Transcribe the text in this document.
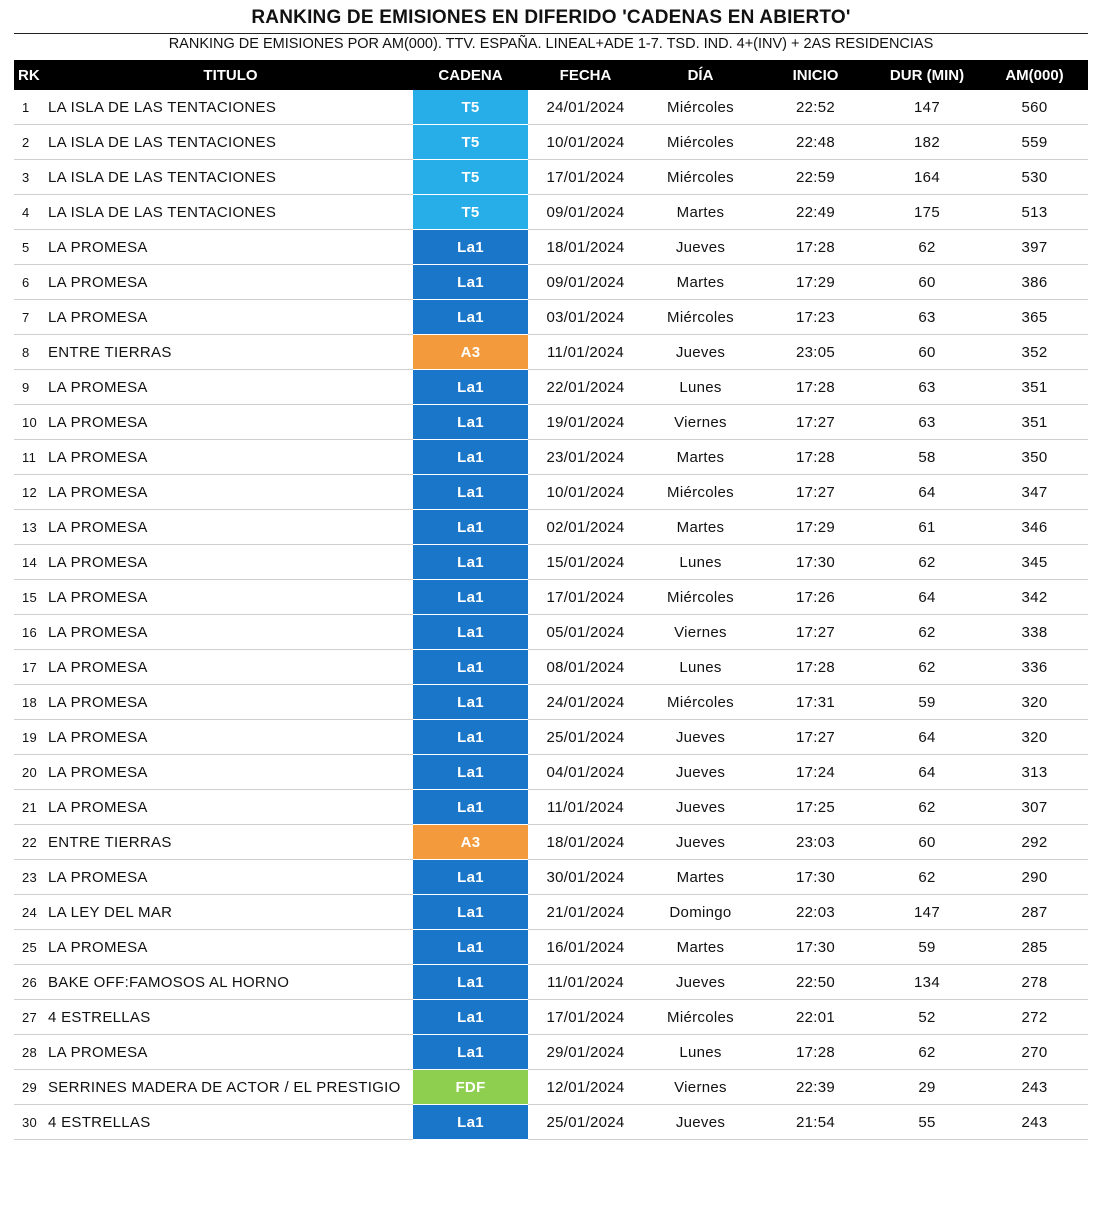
RANKING DE EMISIONES EN DIFERIDO 'CADENAS EN ABIERTO'
RANKING DE EMISIONES POR AM(000). TTV. ESPAÑA. LINEAL+ADE 1-7. TSD. IND. 4+(INV) + 2AS RESIDENCIAS
RK	TITULO	CADENA	FECHA	DÍA	INICIO	DUR (MIN)	AM(000)
1	LA ISLA DE LAS TENTACIONES	T5	24/01/2024	Miércoles	22:52	147	560
2	LA ISLA DE LAS TENTACIONES	T5	10/01/2024	Miércoles	22:48	182	559
3	LA ISLA DE LAS TENTACIONES	T5	17/01/2024	Miércoles	22:59	164	530
4	LA ISLA DE LAS TENTACIONES	T5	09/01/2024	Martes	22:49	175	513
5	LA PROMESA	La1	18/01/2024	Jueves	17:28	62	397
6	LA PROMESA	La1	09/01/2024	Martes	17:29	60	386
7	LA PROMESA	La1	03/01/2024	Miércoles	17:23	63	365
8	ENTRE TIERRAS	A3	11/01/2024	Jueves	23:05	60	352
9	LA PROMESA	La1	22/01/2024	Lunes	17:28	63	351
10	LA PROMESA	La1	19/01/2024	Viernes	17:27	63	351
11	LA PROMESA	La1	23/01/2024	Martes	17:28	58	350
12	LA PROMESA	La1	10/01/2024	Miércoles	17:27	64	347
13	LA PROMESA	La1	02/01/2024	Martes	17:29	61	346
14	LA PROMESA	La1	15/01/2024	Lunes	17:30	62	345
15	LA PROMESA	La1	17/01/2024	Miércoles	17:26	64	342
16	LA PROMESA	La1	05/01/2024	Viernes	17:27	62	338
17	LA PROMESA	La1	08/01/2024	Lunes	17:28	62	336
18	LA PROMESA	La1	24/01/2024	Miércoles	17:31	59	320
19	LA PROMESA	La1	25/01/2024	Jueves	17:27	64	320
20	LA PROMESA	La1	04/01/2024	Jueves	17:24	64	313
21	LA PROMESA	La1	11/01/2024	Jueves	17:25	62	307
22	ENTRE TIERRAS	A3	18/01/2024	Jueves	23:03	60	292
23	LA PROMESA	La1	30/01/2024	Martes	17:30	62	290
24	LA LEY DEL MAR	La1	21/01/2024	Domingo	22:03	147	287
25	LA PROMESA	La1	16/01/2024	Martes	17:30	59	285
26	BAKE OFF:FAMOSOS AL HORNO	La1	11/01/2024	Jueves	22:50	134	278
27	4 ESTRELLAS	La1	17/01/2024	Miércoles	22:01	52	272
28	LA PROMESA	La1	29/01/2024	Lunes	17:28	62	270
29	SERRINES MADERA DE ACTOR / EL PRESTIGIO	FDF	12/01/2024	Viernes	22:39	29	243
30	4 ESTRELLAS	La1	25/01/2024	Jueves	21:54	55	243
